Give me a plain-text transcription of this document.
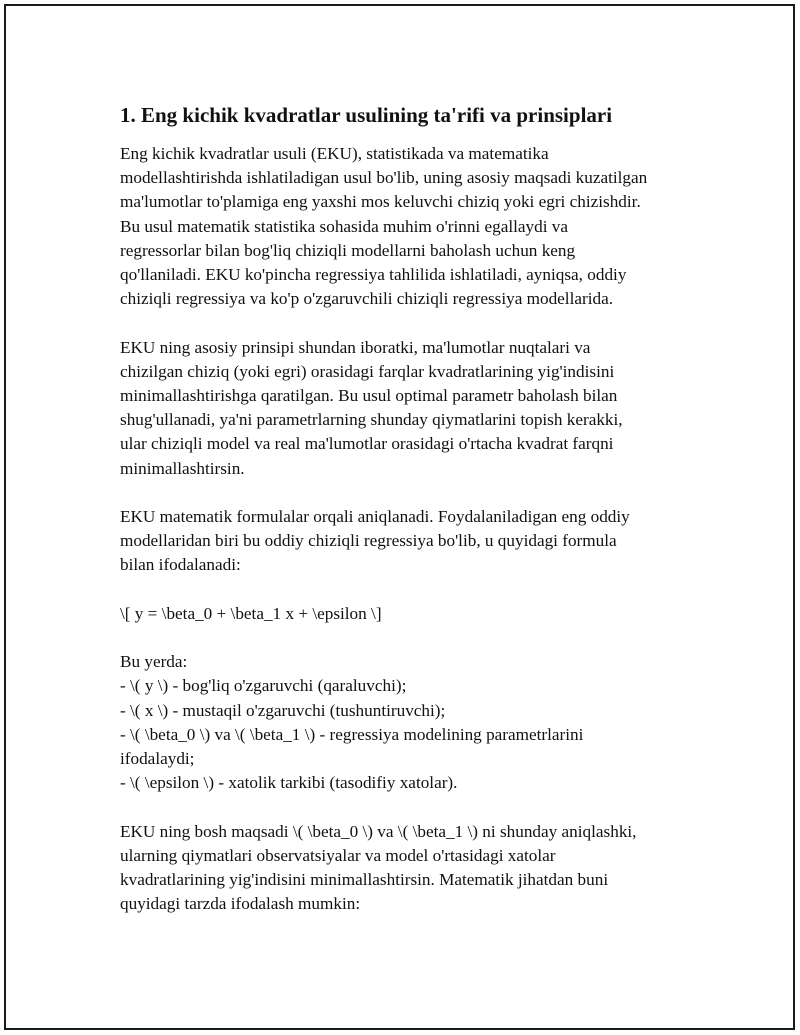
1. Eng kichik kvadratlar usulining ta'rifi va prinsiplari

Eng kichik kvadratlar usuli (EKU), statistikada va matematika
modellashtirishda ishlatiladigan usul bo'lib, uning asosiy maqsadi kuzatilgan
ma'lumotlar to'plamiga eng yaxshi mos keluvchi chiziq yoki egri chizishdir.
Bu usul matematik statistika sohasida muhim o'rinni egallaydi va
regressorlar bilan bog'liq chiziqli modellarni baholash uchun keng
qo'llaniladi. EKU ko'pincha regressiya tahlilida ishlatiladi, ayniqsa, oddiy
chiziqli regressiya va ko'p o'zgaruvchili chiziqli regressiya modellarida.

EKU ning asosiy prinsipi shundan iboratki, ma'lumotlar nuqtalari va
chizilgan chiziq (yoki egri) orasidagi farqlar kvadratlarining yig'indisini
minimallashtirishga qaratilgan. Bu usul optimal parametr baholash bilan
shug'ullanadi, ya'ni parametrlarning shunday qiymatlarini topish kerakki,
ular chiziqli model va real ma'lumotlar orasidagi o'rtacha kvadrat farqni
minimallashtirsin.

EKU matematik formulalar orqali aniqlanadi. Foydalaniladigan eng oddiy
modellaridan biri bu oddiy chiziqli regressiya bo'lib, u quyidagi formula
bilan ifodalanadi:

\[ y = \beta_0 + \beta_1 x + \epsilon \]

Bu yerda:
- \( y \) - bog'liq o'zgaruvchi (qaraluvchi);
- \( x \) - mustaqil o'zgaruvchi (tushuntiruvchi);
- \( \beta_0 \) va \( \beta_1 \) - regressiya modelining parametrlarini
ifodalaydi;
- \( \epsilon \) - xatolik tarkibi (tasodifiy xatolar).

EKU ning bosh maqsadi \( \beta_0 \) va \( \beta_1 \) ni shunday aniqlashki,
ularning qiymatlari observatsiyalar va model o'rtasidagi xatolar
kvadratlarining yig'indisini minimallashtirsin. Matematik jihatdan buni
quyidagi tarzda ifodalash mumkin:
